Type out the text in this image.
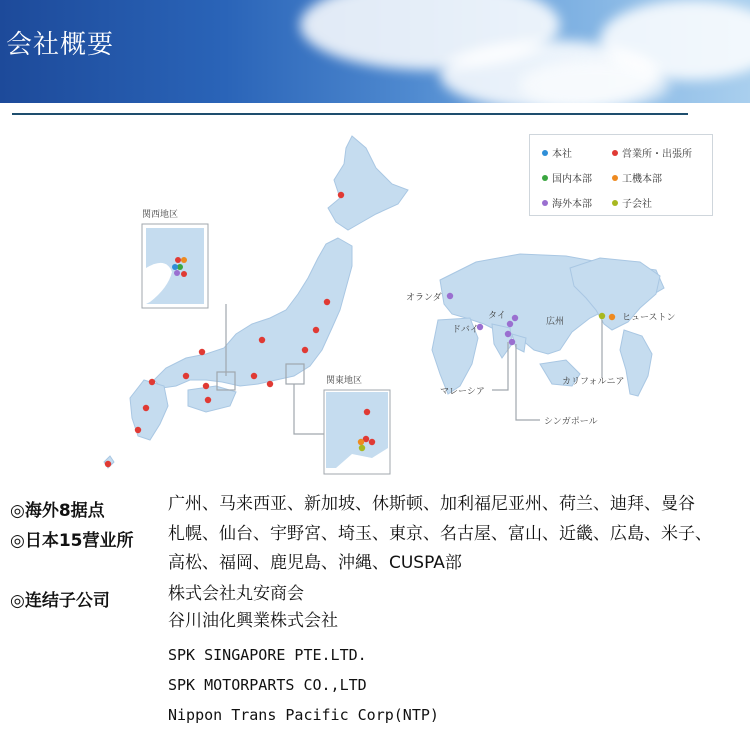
会社概要
関西地区
関東地区
オランダ
ドバイ
タイ
広州
マレーシア
シンガポール
カリフォルニア
ヒューストン
本社	営業所・出張所
国内本部	工機本部
海外本部	子会社
◎海外8据点	广州、马来西亚、新加坡、休斯顿、加利福尼亚州、荷兰、迪拜、曼谷
◎日本15营业所 札幌、仙台、宇野宮、埼玉、東京、名古屋、富山、近畿、広島、米子、
高松、福岡、鹿児島、沖縄、CUSPA部
◎连结子公司	株式会社丸安商会
谷川油化興業株式会社
SPK SINGAPORE PTE.LTD.
SPK MOTORPARTS CO.,LTD
Nippon Trans Pacific Corp(NTP)
